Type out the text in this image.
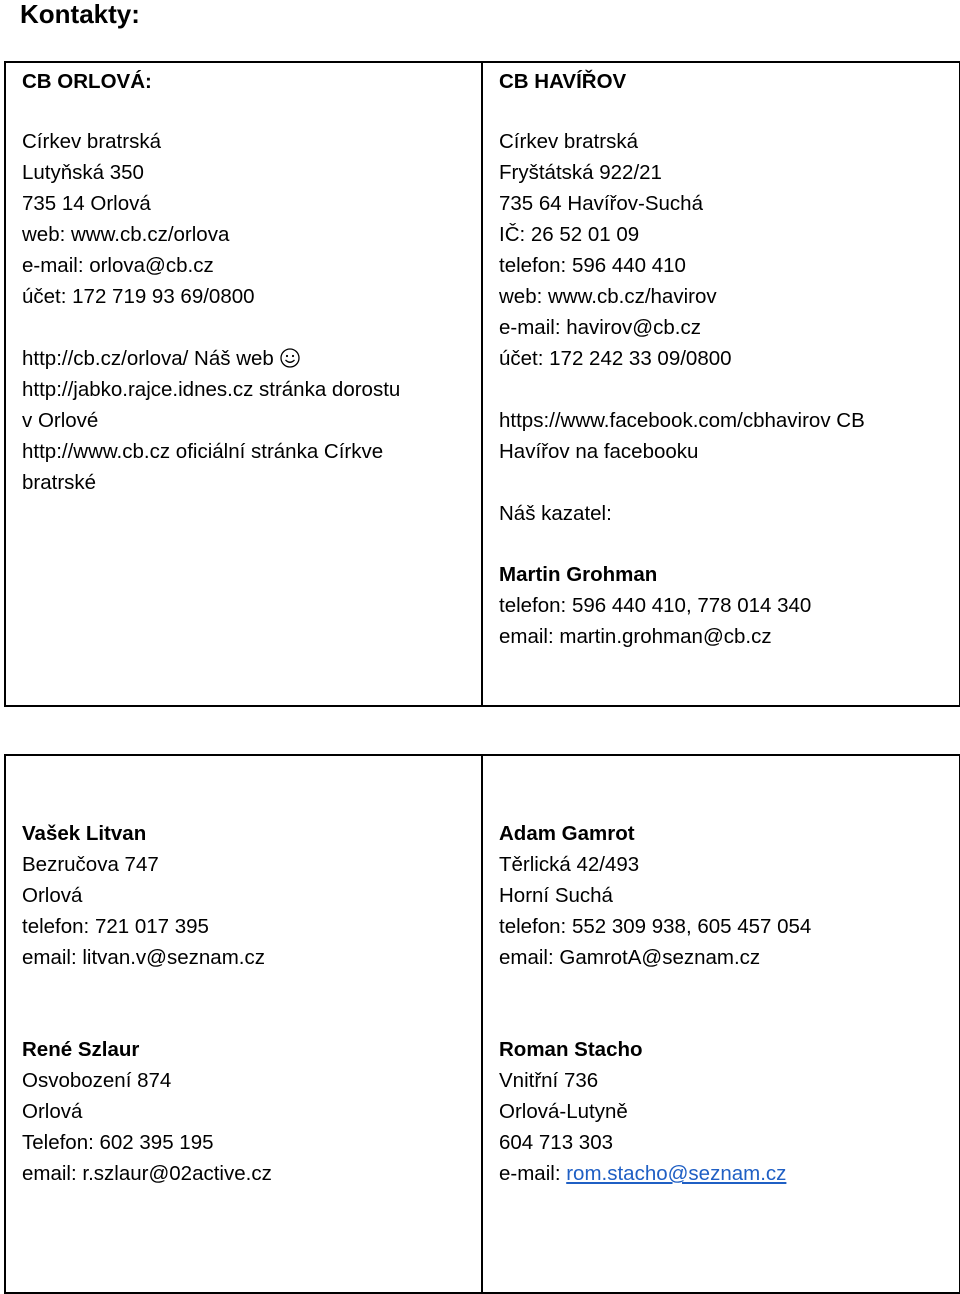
Kontakty:
CB ORLOVÁ:
Církev bratrská
Lutyňská 350
735 14 Orlová
web: www.cb.cz/orlova
e-mail: orlova@cb.cz
účet: 172 719 93 69/0800
http://cb.cz/orlova/ Náš web
http://jabko.rajce.idnes.cz stránka dorostu
v Orlové
http://www.cb.cz oficiální stránka Církve
bratrské

CB HAVÍŘOV
Církev bratrská
Fryštátská 922/21
735 64 Havířov-Suchá
IČ: 26 52 01 09
telefon: 596 440 410
web: www.cb.cz/havirov
e-mail: havirov@cb.cz
účet: 172 242 33 09/0800
https://www.facebook.com/cbhavirov CB
Havířov na facebooku
Náš kazatel:
Martin Grohman
telefon: 596 440 410, 778 014 340
email: martin.grohman@cb.cz
Vašek Litvan
Bezručova 747
Orlová
telefon: 721 017 395
email: litvan.v@seznam.cz
René Szlaur
Osvobození 874
Orlová
Telefon: 602 395 195
email: r.szlaur@02active.cz

Adam Gamrot
Těrlická 42/493
Horní Suchá
telefon: 552 309 938, 605 457 054
email: GamrotA@seznam.cz
Roman Stacho
Vnitřní 736
Orlová-Lutyně
604 713 303
e-mail: rom.stacho@seznam.cz
